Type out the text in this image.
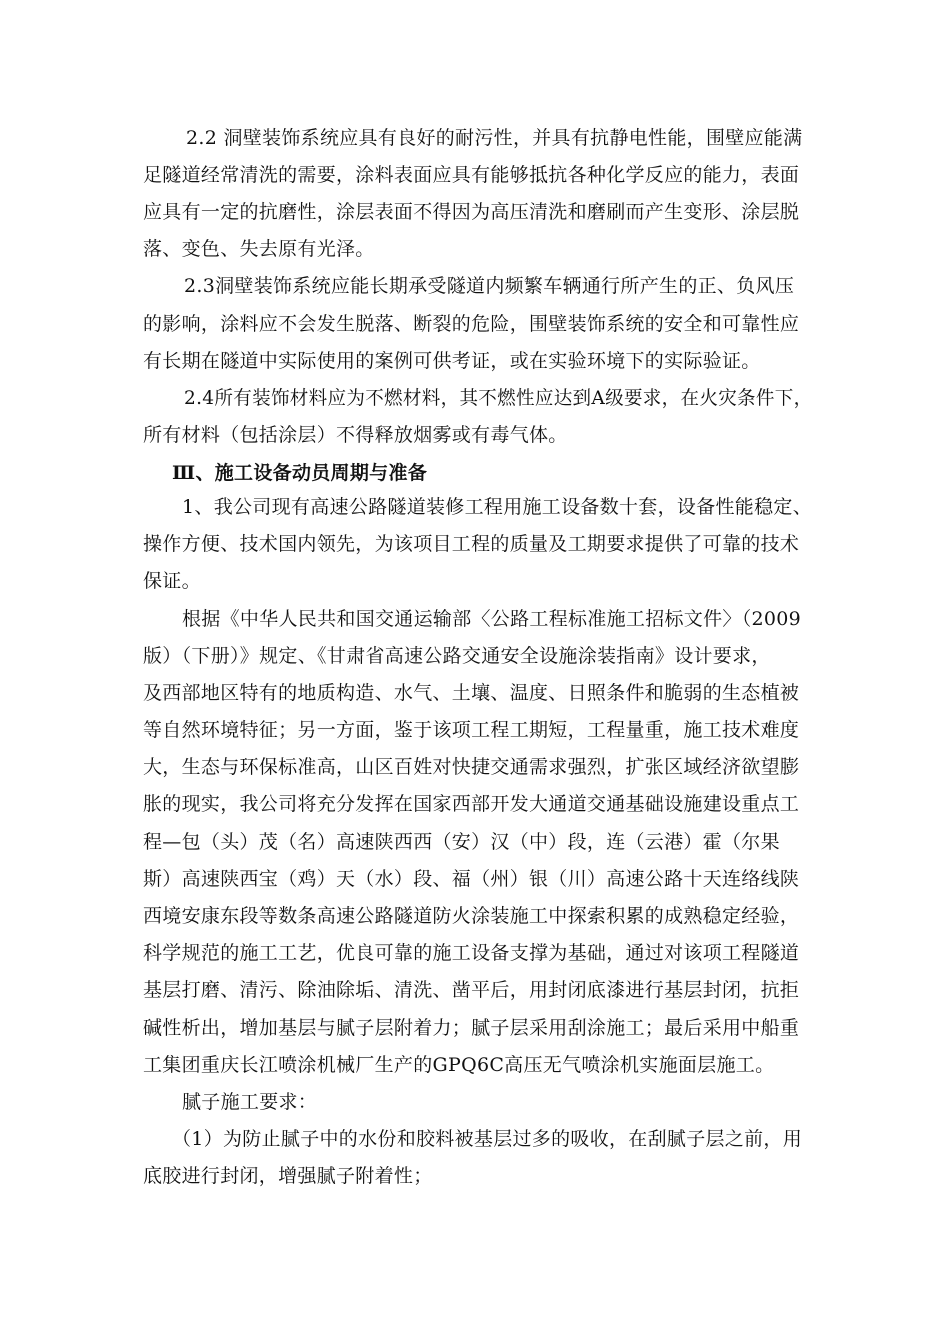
2.2 洞壁装饰系统应具有良好的耐污性，并具有抗静电性能，围壁应能满
足隧道经常清洗的需要，涂料表面应具有能够抵抗各种化学反应的能力，表面
应具有一定的抗磨性，涂层表面不得因为高压清洗和磨刷而产生变形、涂层脱
落、变色、失去原有光泽。
2.3洞壁装饰系统应能长期承受隧道内频繁车辆通行所产生的正、负风压
的影响，涂料应不会发生脱落、断裂的危险，围壁装饰系统的安全和可靠性应
有长期在隧道中实际使用的案例可供考证，或在实验环境下的实际验证。
2.4所有装饰材料应为不燃材料，其不燃性应达到A级要求，在火灾条件下，
所有材料（包括涂层）不得释放烟雾或有毒气体。
Ⅲ、施工设备动员周期与准备
1、我公司现有高速公路隧道装修工程用施工设备数十套，设备性能稳定、
操作方便、技术国内领先，为该项目工程的质量及工期要求提供了可靠的技术
保证。
根据《中华人民共和国交通运输部〈公路工程标准施工招标文件〉（2009
版）（下册）》规定、《甘肃省高速公路交通安全设施涂装指南》设计要求，
及西部地区特有的地质构造、水气、土壤、温度、日照条件和脆弱的生态植被
等自然环境特征；另一方面，鉴于该项工程工期短，工程量重，施工技术难度
大，生态与环保标准高，山区百姓对快捷交通需求强烈，扩张区域经济欲望膨
胀的现实，我公司将充分发挥在国家西部开发大通道交通基础设施建设重点工
程—包（头）茂（名）高速陕西西（安）汉（中）段，连（云港）霍（尔果
斯）高速陕西宝（鸡）天（水）段、福（州）银（川）高速公路十天连络线陕
西境安康东段等数条高速公路隧道防火涂装施工中探索积累的成熟稳定经验，
科学规范的施工工艺，优良可靠的施工设备支撑为基础，通过对该项工程隧道
基层打磨、清污、除油除垢、清洗、凿平后，用封闭底漆进行基层封闭，抗拒
碱性析出，增加基层与腻子层附着力；腻子层采用刮涂施工；最后采用中船重
工集团重庆长江喷涂机械厂生产的GPQ6C高压无气喷涂机实施面层施工。
腻子施工要求：
（1）为防止腻子中的水份和胶料被基层过多的吸收，在刮腻子层之前，用
底胶进行封闭，增强腻子附着性；
